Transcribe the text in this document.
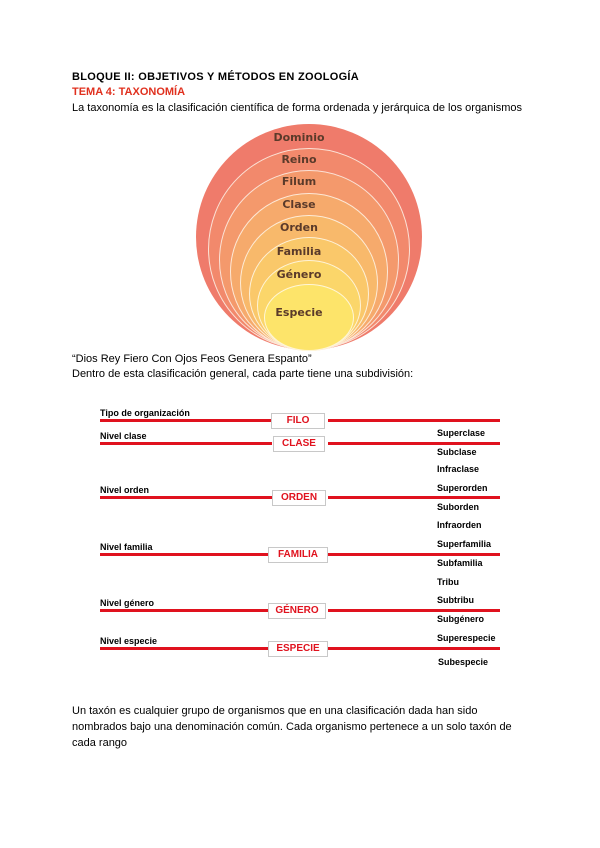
BLOQUE II: OBJETIVOS Y MÉTODOS EN ZOOLOGÍA
TEMA 4: TAXONOMÍA
La taxonomía es la clasificación científica de forma ordenada y jerárquica de los organismos
Dominio
Reino
Filum
Clase
Orden
Familia
Género
Especie
“Dios Rey Fiero Con Ojos Feos Genera Espanto”
Dentro de esta clasificación general, cada parte tiene una subdivisión:
Tipo de organización
Nivel clase
Nivel orden
Nivel familia
Nivel género
Nivel especie
FILO
CLASE
ORDEN
FAMILIA
GÉNERO
ESPECIE
Superclase
Subclase
Infraclase
Superorden
Suborden
Infraorden
Superfamilia
Subfamilia
Tribu
Subtribu
Subgénero
Superespecie
Subespecie
Un taxón es cualquier grupo de organismos que en una clasificación dada han sido nombrados bajo una denominación común. Cada organismo pertenece a un solo taxón de cada rango
